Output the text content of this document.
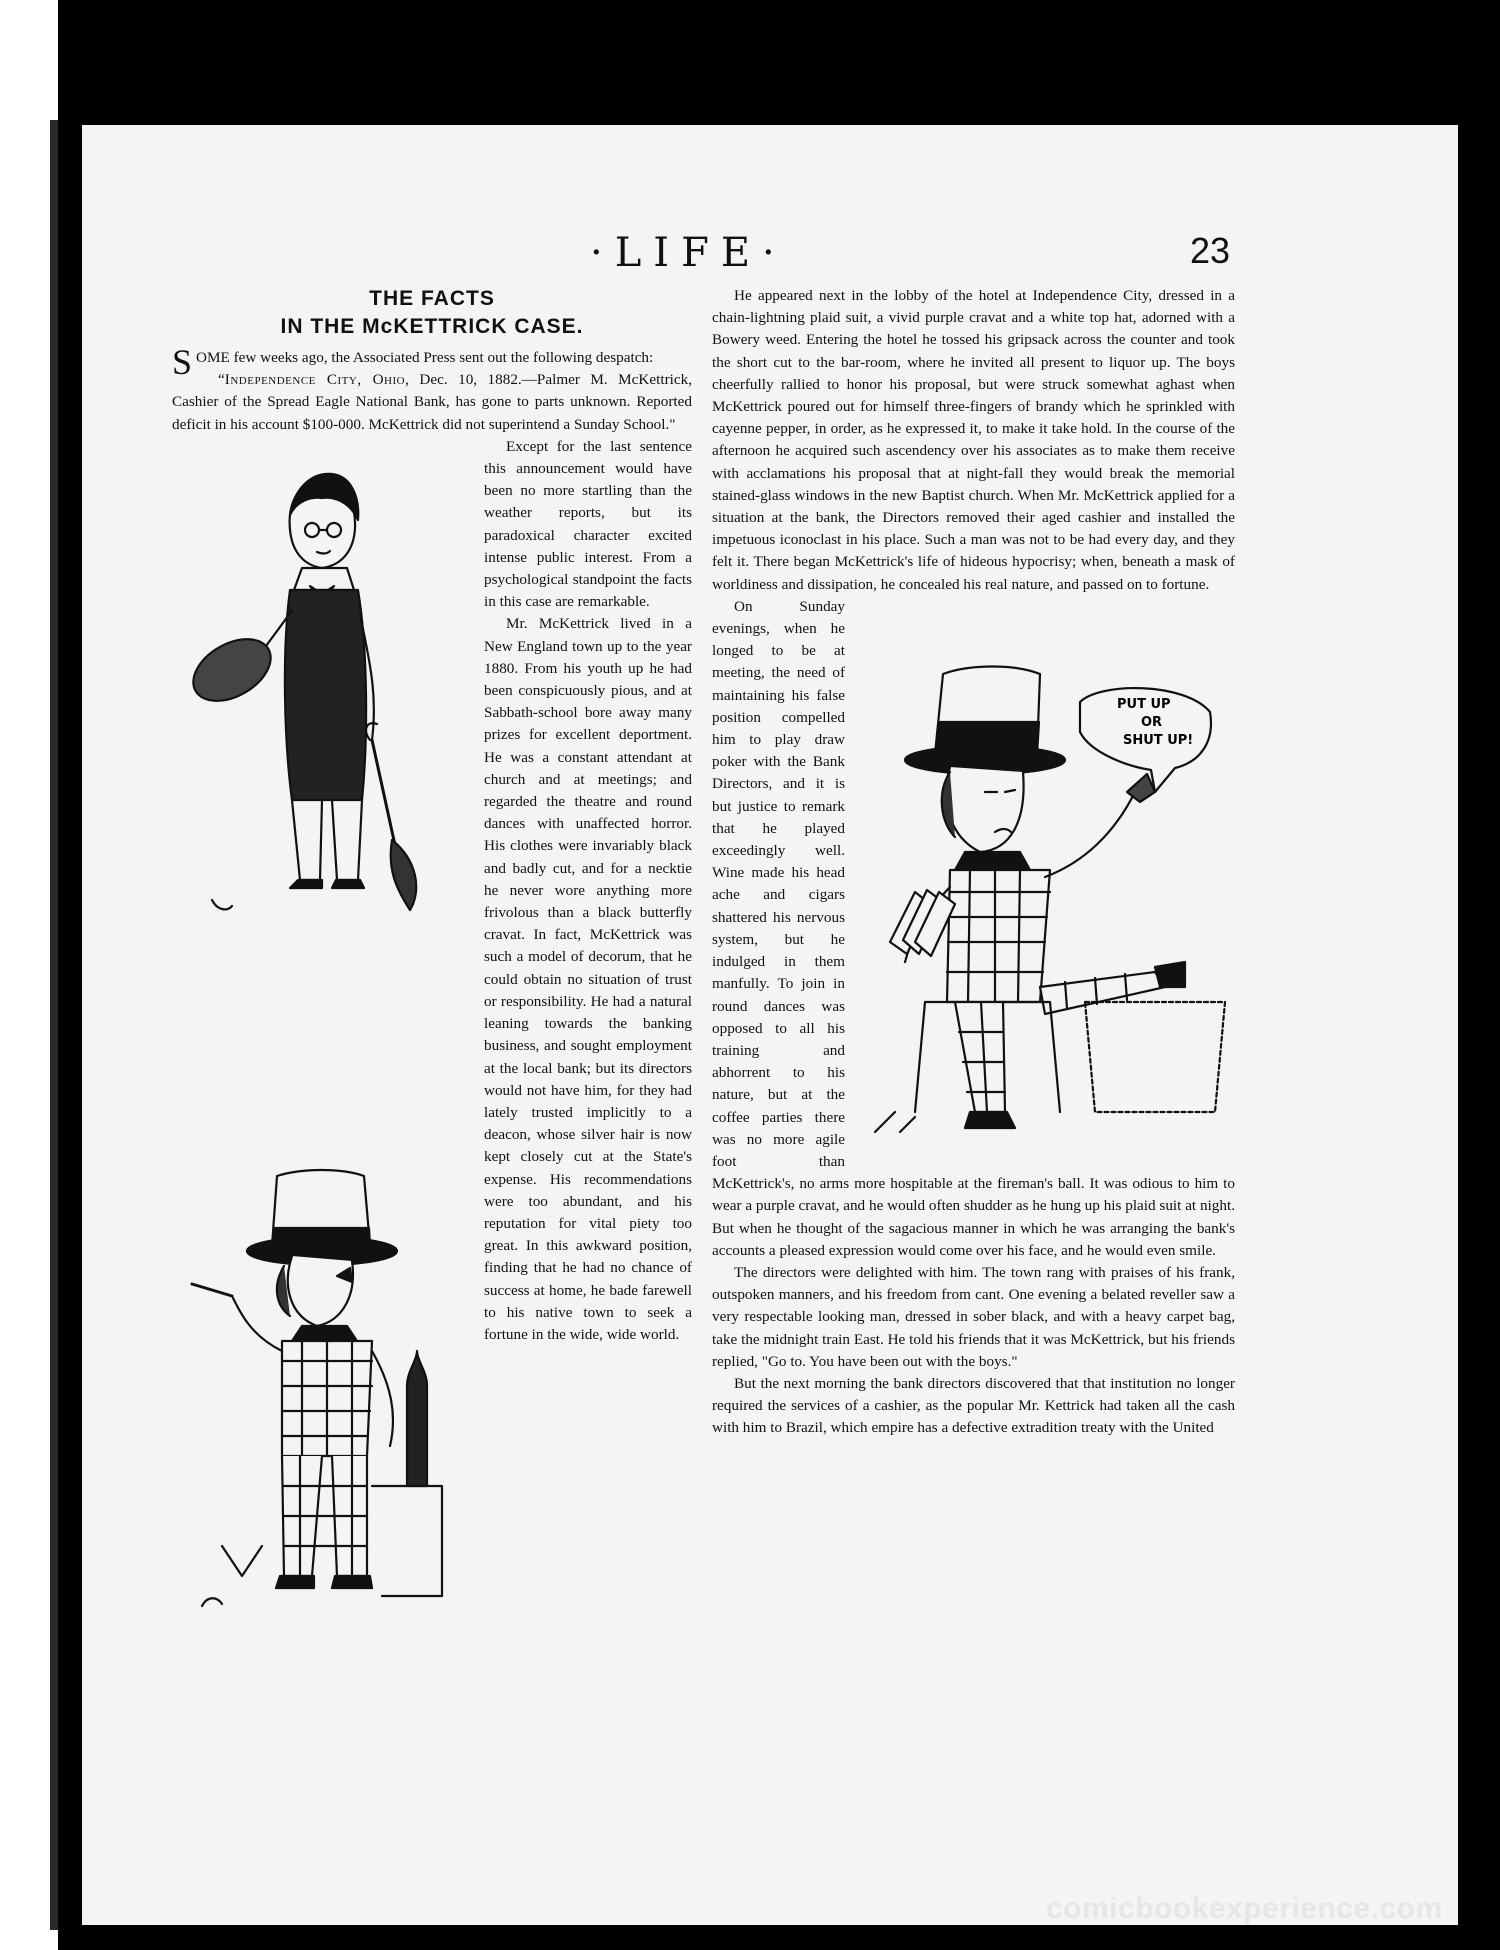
·LIFE·	23
THE FACTS
IN THE McKETTRICK CASE.

SOME few weeks ago, the Associated Press sent out the following despatch:

“Independence City, Ohio, Dec. 10, 1882.—Palmer M. McKettrick, Cashier of the Spread Eagle National Bank, has gone to parts unknown. Reported deficit in his account $100-000. McKettrick did not superintend a Sunday School."

Except for the last sentence this announcement would have been no more startling than the weather reports, but its paradoxical character excited intense public interest. From a psychological standpoint the facts in this case are remarkable.

Mr. McKettrick lived in a New England town up to the year 1880. From his youth up he had been conspicuously pious, and at Sabbath-school bore away many prizes for excellent deportment. He was a constant attendant at church and at meetings; and regarded the theatre and round dances with unaffected horror. His clothes were invariably black and badly cut, and for a necktie he never wore anything more frivolous than a black butterfly cravat. In fact, McKettrick was such a model of decorum, that he could obtain no situation of trust or responsibility. He had a natural leaning towards the banking business, and sought employment at the local bank; but its directors would not have him, for they had lately trusted implicitly to a deacon, whose silver hair is now kept closely cut at the State's expense. His recommendations were too abundant, and his reputation for vital piety too great. In this awkward position, finding that he had no chance of success at home, he bade farewell to his native town to seek a fortune in the wide, wide world.

He appeared next in the lobby of the hotel at Independence City, dressed in a chain-lightning plaid suit, a vivid purple cravat and a white top hat, adorned with a Bowery weed. Entering the hotel he tossed his gripsack across the counter and took the short cut to the bar-room, where he invited all present to liquor up. The boys cheerfully rallied to honor his proposal, but were struck somewhat aghast when McKettrick poured out for himself three-fingers of brandy which he sprinkled with cayenne pepper, in order, as he expressed it, to make it take hold. In the course of the afternoon he acquired such ascendency over his associates as to make them receive with acclamations his proposal that at night-fall they would break the memorial stained-glass windows in the new Baptist church. When Mr. McKettrick applied for a situation at the bank, the Directors removed their aged cashier and installed the impetuous iconoclast in his place. Such a man was not to be had every day, and they felt it. There began McKettrick's life of hideous hypocrisy; when, beneath a mask of worldiness and dissipation, he concealed his real nature, and passed on to fortune.

PUT UP
OR
SHUT UP!

On Sunday evenings, when he longed to be at meeting, the need of maintaining his false position compelled him to play draw poker with the Bank Directors, and it is but justice to remark that he played exceedingly well. Wine made his head ache and cigars shattered his nervous system, but he indulged in them manfully. To join in round dances was opposed to all his training and abhorrent to his nature, but at the coffee parties there was no more agile foot than McKettrick's, no arms more hospitable at the fireman's ball. It was odious to him to wear a purple cravat, and he would often shudder as he hung up his plaid suit at night. But when he thought of the sagacious manner in which he was arranging the bank's accounts a pleased expression would come over his face, and he would even smile.

The directors were delighted with him. The town rang with praises of his frank, outspoken manners, and his freedom from cant. One evening a belated reveller saw a very respectable looking man, dressed in sober black, and with a heavy carpet bag, take the midnight train East. He told his friends that it was McKettrick, but his friends replied, "Go to. You have been out with the boys."

But the next morning the bank directors discovered that that institution no longer required the services of a cashier, as the popular Mr. Kettrick had taken all the cash with him to Brazil, which empire has a defective extradition treaty with the United

comicbookexperience.com
